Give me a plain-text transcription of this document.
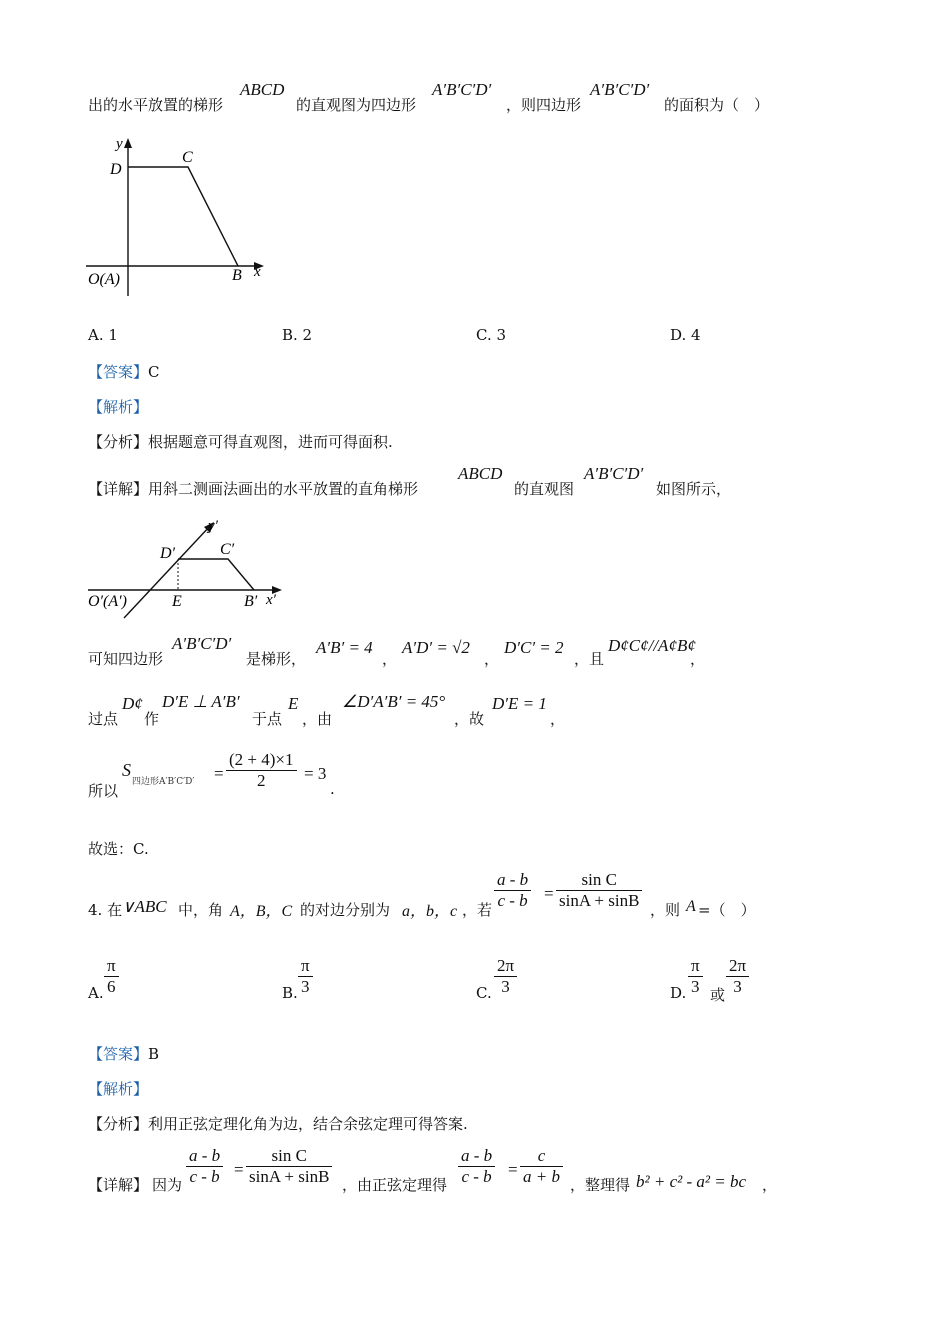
出的水平放置的梯形
ABCD
的直观图为四边形
A′B′C′D′
，则四边形
A′B′C′D′
的面积为（　）
y
D
C
B x
O(A)
A. 1	B. 2	C. 3	D. 4
【答案】C
【解析】
【分析】根据题意可得直观图，进而可得面积.
【详解】用斜二测画法画出的水平放置的直角梯形
ABCD
的直观图
A′B′C′D′
如图所示，
y′
D′	C′
E	B′ x′
O′(A′)
可知四边形
A′B′C′D′
是梯形，
A′B′ = 4
，
A′D′ = √2
，
D′C′ = 2
，且
D¢C¢//A¢B¢
，
过点
D¢
作
D′E ⊥ A′B′
于点
E
，由
∠D′A′B′ = 45°
，故
D′E = 1
，
所以
S
四边形$A'B'C'D' = \frac{(2 + 4)\times 1}{2} = 3$
.
故选：C.
4. 在 ∨ABC 中，角 A，B，C 的对边分别为 a，b，c ，若 $\frac{a - b}{c - b} = \frac{\text{sin C}}{\sin A + \sin B}$ ，则 A =（　）
A. $\frac{\pi}{6}$	B. $\frac{\pi}{3}$	C. $\frac{2\pi}{3}$	D. $\frac{\pi}{3}$ 或 $\frac{2\pi}{3}$
【答案】B
【解析】
【分析】利用正弦定理化角为边，结合余弦定理可得答案.
【详解】 因为 $\frac{a - b}{c - b} = \frac{\text{sin C}}{\sin A + \sin B}$ ，由正弦定理得 $\frac{a - b}{c - b} = \frac{c}{a + b}$ ，整理得 b² + c² - a² = bc ，
